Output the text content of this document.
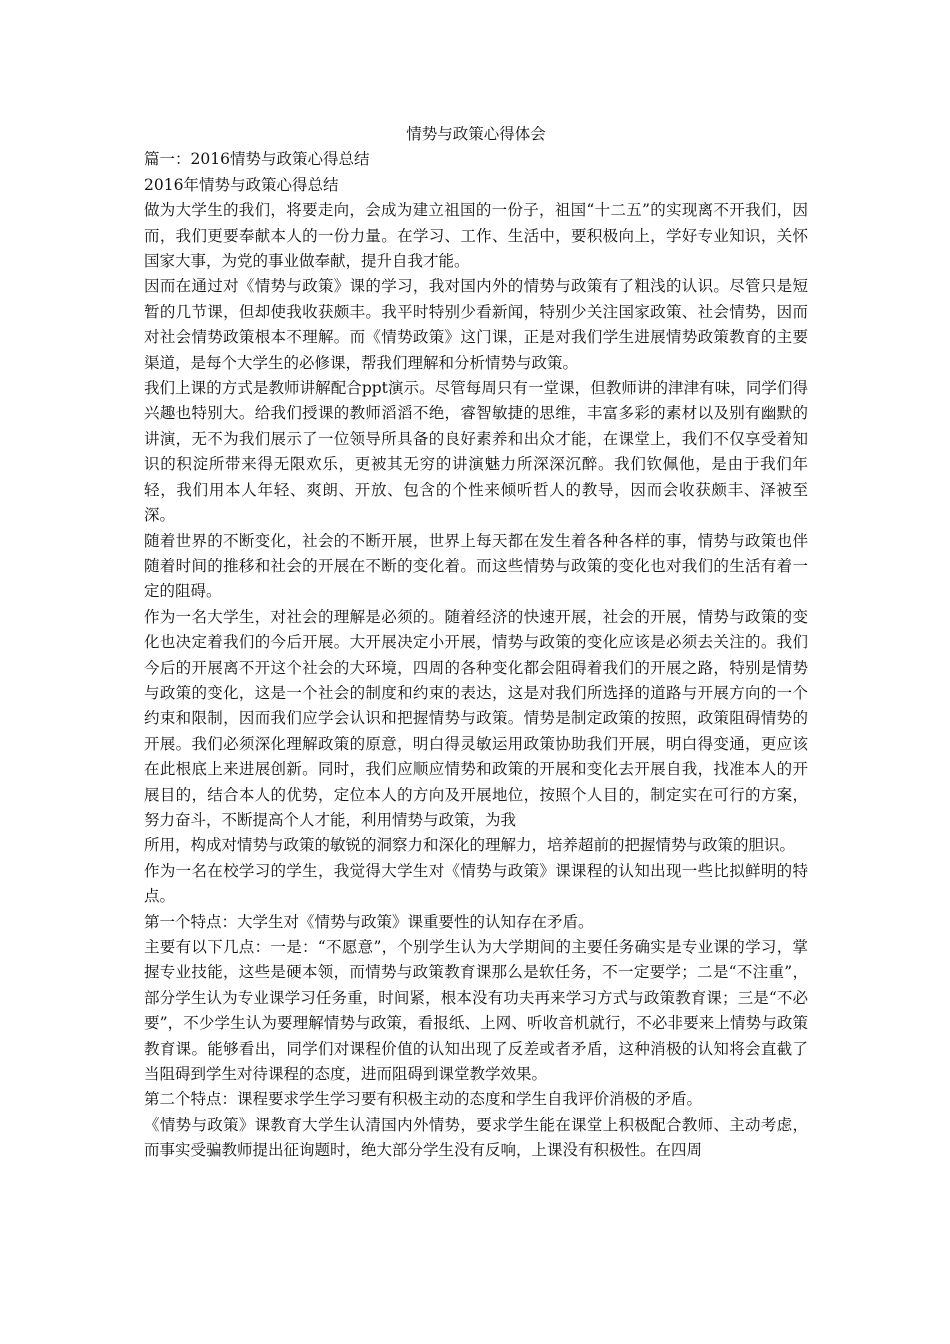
情势与政策心得体会

篇一：2016情势与政策心得总结

2016年情势与政策心得总结

做为大学生的我们，将要走向，会成为建立祖国的一份子，祖国“十二五”的实现离不开我们，因而，我们更要奉献本人的一份力量。在学习、工作、生活中，要积极向上，学好专业知识，关怀国家大事，为党的事业做奉献，提升自我才能。

因而在通过对《情势与政策》课的学习，我对国内外的情势与政策有了粗浅的认识。尽管只是短暂的几节课，但却使我收获颇丰。我平时特别少看新闻，特别少关注国家政策、社会情势，因而对社会情势政策根本不理解。而《情势政策》这门课，正是对我们学生进展情势政策教育的主要渠道，是每个大学生的必修课，帮我们理解和分析情势与政策。

我们上课的方式是教师讲解配合ppt演示。尽管每周只有一堂课，但教师讲的津津有味，同学们得兴趣也特别大。给我们授课的教师滔滔不绝，睿智敏捷的思维，丰富多彩的素材以及别有幽默的讲演，无不为我们展示了一位领导所具备的良好素养和出众才能，在课堂上，我们不仅享受着知识的积淀所带来得无限欢乐，更被其无穷的讲演魅力所深深沉醉。我们钦佩他，是由于我们年轻，我们用本人年轻、爽朗、开放、包含的个性来倾听哲人的教导，因而会收获颇丰、泽被至深。

随着世界的不断变化，社会的不断开展，世界上每天都在发生着各种各样的事，情势与政策也伴随着时间的推移和社会的开展在不断的变化着。而这些情势与政策的变化也对我们的生活有着一定的阻碍。

作为一名大学生，对社会的理解是必须的。随着经济的快速开展，社会的开展，情势与政策的变化也决定着我们的今后开展。大开展决定小开展，情势与政策的变化应该是必须去关注的。我们今后的开展离不开这个社会的大环境，四周的各种变化都会阻碍着我们的开展之路，特别是情势与政策的变化，这是一个社会的制度和约束的表达，这是对我们所选择的道路与开展方向的一个约束和限制，因而我们应学会认识和把握情势与政策。情势是制定政策的按照，政策阻碍情势的开展。我们必须深化理解政策的原意，明白得灵敏运用政策协助我们开展，明白得变通，更应该在此根底上来进展创新。同时，我们应顺应情势和政策的开展和变化去开展自我，找准本人的开展目的，结合本人的优势，定位本人的方向及开展地位，按照个人目的，制定实在可行的方案，努力奋斗，不断提高个人才能，利用情势与政策，为我

所用，构成对情势与政策的敏锐的洞察力和深化的理解力，培养超前的把握情势与政策的胆识。

作为一名在校学习的学生，我觉得大学生对《情势与政策》课课程的认知出现一些比拟鲜明的特点。

第一个特点：大学生对《情势与政策》课重要性的认知存在矛盾。

主要有以下几点：一是：“不愿意”，个别学生认为大学期间的主要任务确实是专业课的学习，掌握专业技能，这些是硬本领，而情势与政策教育课那么是软任务，不一定要学；二是“不注重”，部分学生认为专业课学习任务重，时间紧，根本没有功夫再来学习方式与政策教育课；三是“不必要”，不少学生认为要理解情势与政策，看报纸、上网、听收音机就行，不必非要来上情势与政策教育课。能够看出，同学们对课程价值的认知出现了反差或者矛盾，这种消极的认知将会直截了当阻碍到学生对待课程的态度，进而阻碍到课堂教学效果。

第二个特点：课程要求学生学习要有积极主动的态度和学生自我评价消极的矛盾。

《情势与政策》课教育大学生认清国内外情势，要求学生能在课堂上积极配合教师、主动考虑，而事实受骗教师提出征询题时，绝大部分学生没有反响，上课没有积极性。在四周
